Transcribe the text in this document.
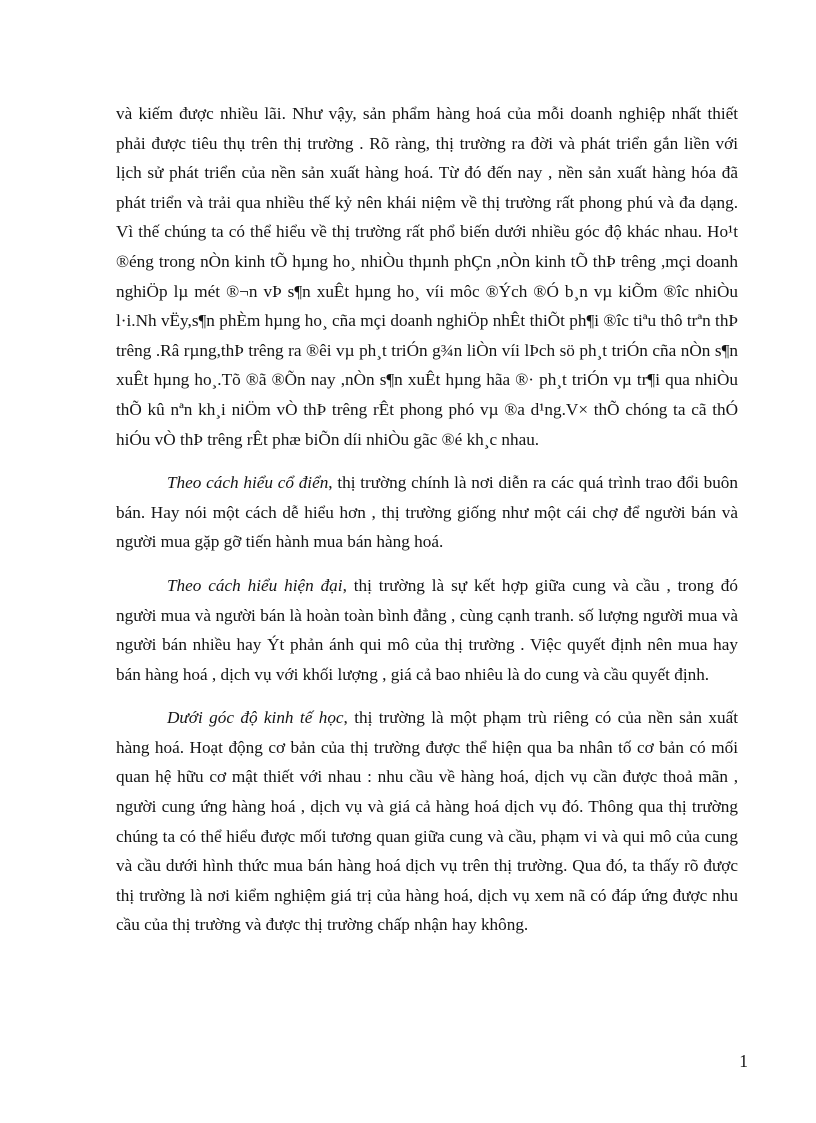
và kiếm được nhiều lãi. Như vậy, sản phẩm hàng hoá của mỗi doanh nghiệp nhất thiết phải được tiêu thụ trên thị trường . Rõ ràng, thị trường ra đời và phát triển gắn liền với lịch sử phát triển của nền sản xuất hàng hoá. Từ đó đến nay , nền sản xuất hàng hóa đã phát triển và trải qua nhiều thế kỷ nên khái niệm về thị trường rất phong phú và đa dạng. Vì thế chúng ta có thể hiểu về thị trường rất phổ biến dưới nhiều góc độ khác nhau. Ho¹t ®éng trong nÒn kinh tÕ hµng ho¸ nhiÒu thµnh phÇn ,nÒn kinh tÕ thÞ trêng ,mçi doanh nghiÖp lµ mét ®¬n vÞ s¶n xuÊt hµng ho¸ víi môc ®Ých ®Ó b¸n vµ kiÕm ®îc nhiÒu l·i.Nh vËy,s¶n phÈm hµng ho¸ cña mçi doanh nghiÖp nhÊt thiÕt ph¶i ®îc tiªu thô trªn thÞ trêng .Râ rµng,thÞ trêng ra ®êi vµ ph¸t triÓn g¾n liÒn víi lÞch sö ph¸t triÓn cña nÒn s¶n xuÊt hµng ho¸.Tõ ®ã ®Õn nay ,nÒn s¶n xuÊt hµng hãa ®· ph¸t triÓn vµ tr¶i qua nhiÒu thÕ kû nªn kh¸i niÖm vÒ thÞ trêng rÊt phong phó vµ ®a d¹ng.V× thÕ chóng ta cã thÓ hiÓu vÒ thÞ trêng rÊt phæ biÕn díi nhiÒu gãc ®é kh¸c nhau.

Theo cách hiểu cổ điển, thị trường chính là nơi diễn ra các quá trình trao đổi buôn bán. Hay nói một cách dễ hiểu hơn , thị trường giống như một cái chợ để người bán và người mua gặp gỡ tiến hành mua bán hàng hoá.

Theo cách hiểu hiện đại, thị trường là sự kết hợp giữa cung và cầu , trong đó người mua và người bán là hoàn toàn bình đẳng , cùng cạnh tranh. số lượng người mua và người bán nhiều hay Ýt phản ánh qui mô của thị trường . Việc quyết định nên mua hay bán hàng hoá , dịch vụ với khối lượng , giá cả bao nhiêu là do cung và cầu quyết định.

Dưới góc độ kinh tế học, thị trường là một phạm trù riêng có của nền sản xuất hàng hoá. Hoạt động cơ bản của thị trường được thể hiện qua ba nhân tố cơ bản có mối quan hệ hữu cơ mật thiết với nhau : nhu cầu về hàng hoá, dịch vụ cần được thoả mãn , người cung ứng hàng hoá , dịch vụ và giá cả hàng hoá dịch vụ đó. Thông qua thị trường chúng ta có thể hiểu được mối tương quan giữa cung và cầu, phạm vi và qui mô của cung và cầu dưới hình thức mua bán hàng hoá dịch vụ trên thị trường. Qua đó, ta thấy rõ được thị trường là nơi kiểm nghiệm giá trị của hàng hoá, dịch vụ xem nã có đáp ứng được nhu cầu của thị trường và được thị trường chấp nhận hay không.

1
